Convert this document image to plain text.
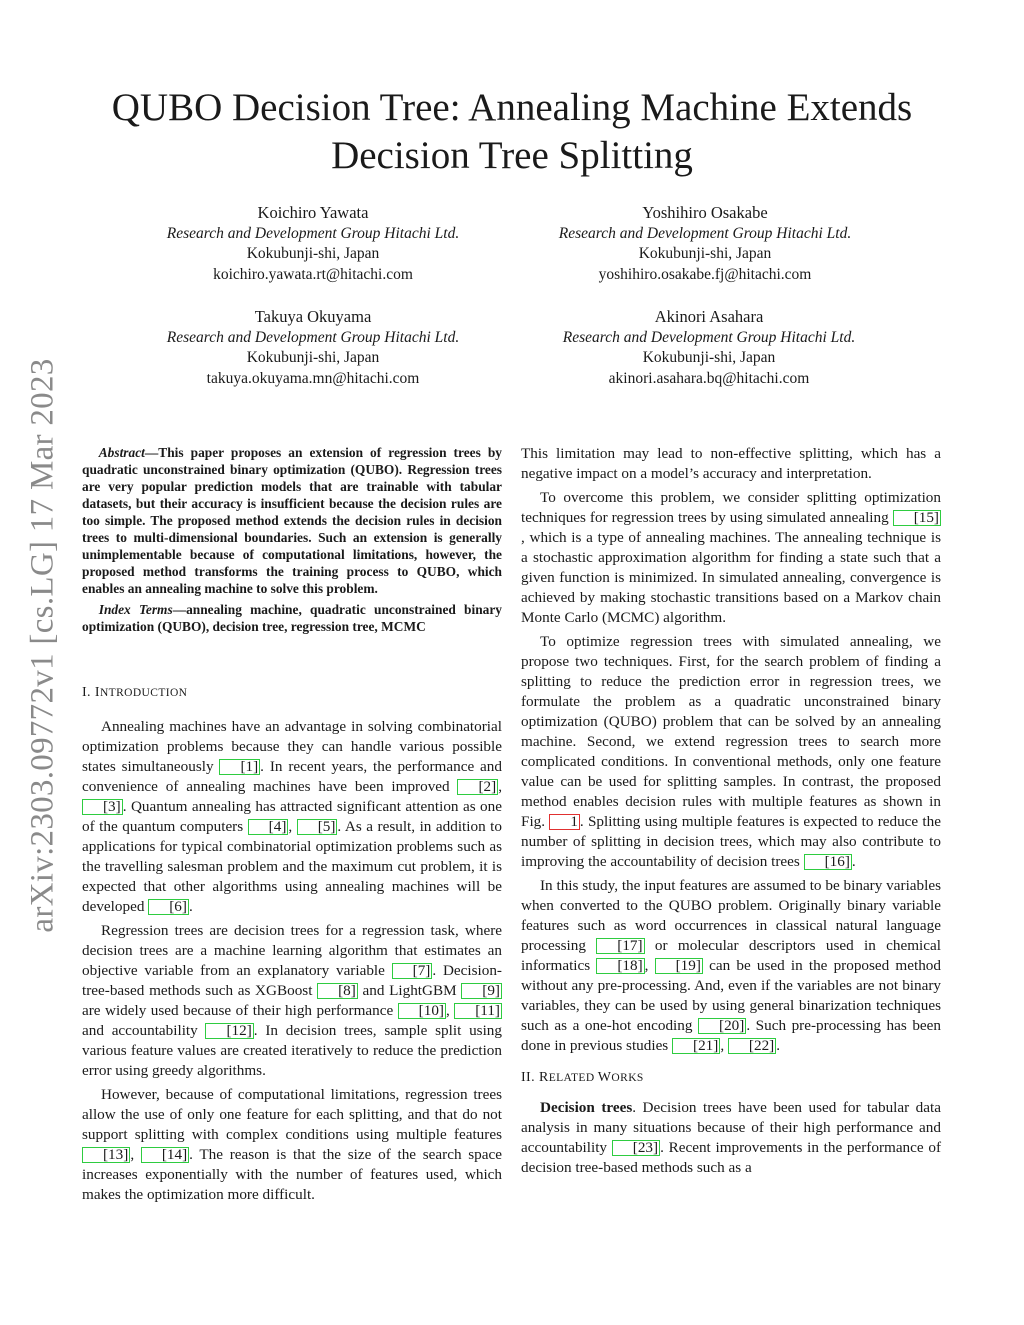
arXiv:2303.09772v1 [cs.LG] 17 Mar 2023
QUBO Decision Tree: Annealing Machine Extends
Decision Tree Splitting
Koichiro Yawata
Research and Development Group Hitachi Ltd.
Kokubunji-shi, Japan
koichiro.yawata.rt@hitachi.com
Yoshihiro Osakabe
Research and Development Group Hitachi Ltd.
Kokubunji-shi, Japan
yoshihiro.osakabe.fj@hitachi.com
Takuya Okuyama
Research and Development Group Hitachi Ltd.
Kokubunji-shi, Japan
takuya.okuyama.mn@hitachi.com
Akinori Asahara
Research and Development Group Hitachi Ltd.
Kokubunji-shi, Japan
akinori.asahara.bq@hitachi.com

Abstract—This paper proposes an extension of regression trees by quadratic unconstrained binary optimization (QUBO). Regression trees are very popular prediction models that are trainable with tabular datasets, but their accuracy is insufficient because the decision rules are too simple. The proposed method extends the decision rules in decision trees to multi-dimensional boundaries. Such an extension is generally unimplementable because of computational limitations, however, the proposed method transforms the training process to QUBO, which enables an annealing machine to solve this problem.

Index Terms—annealing machine, quadratic unconstrained binary optimization (QUBO), decision tree, regression tree, MCMC

I. INTRODUCTION

Annealing machines have an advantage in solving combinatorial optimization problems because they can handle various possible states simultaneously [1] . In recent years, the performance and convenience of annealing machines have been improved [2] , [3] . Quantum annealing has attracted significant attention as one of the quantum computers [4] , [5] . As a result, in addition to applications for typical combinatorial optimization problems such as the travelling salesman problem and the maximum cut problem, it is expected that other algorithms using annealing machines will be developed [6] .

Regression trees are decision trees for a regression task, where decision trees are a machine learning algorithm that estimates an objective variable from an explanatory variable [7] . Decision-tree-based methods such as XGBoost [8] and LightGBM [9] are widely used because of their high performance [10] , [11] and accountability [12] . In decision trees, sample split using various feature values are created iteratively to reduce the prediction error using greedy algorithms.

However, because of computational limitations, regression trees allow the use of only one feature for each splitting, and that do not support splitting with complex conditions using multiple features [13] , [14] . The reason is that the size of the search space increases exponentially with the number of features used, which makes the optimization more difficult.

This limitation may lead to non-effective splitting, which has a negative impact on a model’s accuracy and interpretation.

To overcome this problem, we consider splitting optimization techniques for regression trees by using simulated annealing [15], which is a type of annealing machines. The annealing technique is a stochastic approximation algorithm for finding a state such that a given function is minimized. In simulated annealing, convergence is achieved by making stochastic transitions based on a Markov chain Monte Carlo (MCMC) algorithm.

To optimize regression trees with simulated annealing, we propose two techniques. First, for the search problem of finding a splitting to reduce the prediction error in regression trees, we formulate the problem as a quadratic unconstrained binary optimization (QUBO) problem that can be solved by an annealing machine. Second, we extend regression trees to search more complicated conditions. In conventional methods, only one feature value can be used for splitting samples. In contrast, the proposed method enables decision rules with multiple features as shown in Fig. 1 . Splitting using multiple features is expected to reduce the number of splitting in decision trees, which may also contribute to improving the accountability of decision trees [16] .

In this study, the input features are assumed to be binary variables when converted to the QUBO problem. Originally binary variable features such as word occurrences in classical natural language processing [17] or molecular descriptors used in chemical informatics [18] , [19] can be used in the proposed method without any pre-processing. And, even if the variables are not binary variables, they can be used by using general binarization techniques such as a one-hot encoding [20] . Such pre-processing has been done in previous studies [21] , [22] .

II. RELATED WORKS

Decision trees. Decision trees have been used for tabular data analysis in many situations because of their high performance and accountability [23] . Recent improvements in the performance of decision tree-based methods such as a
